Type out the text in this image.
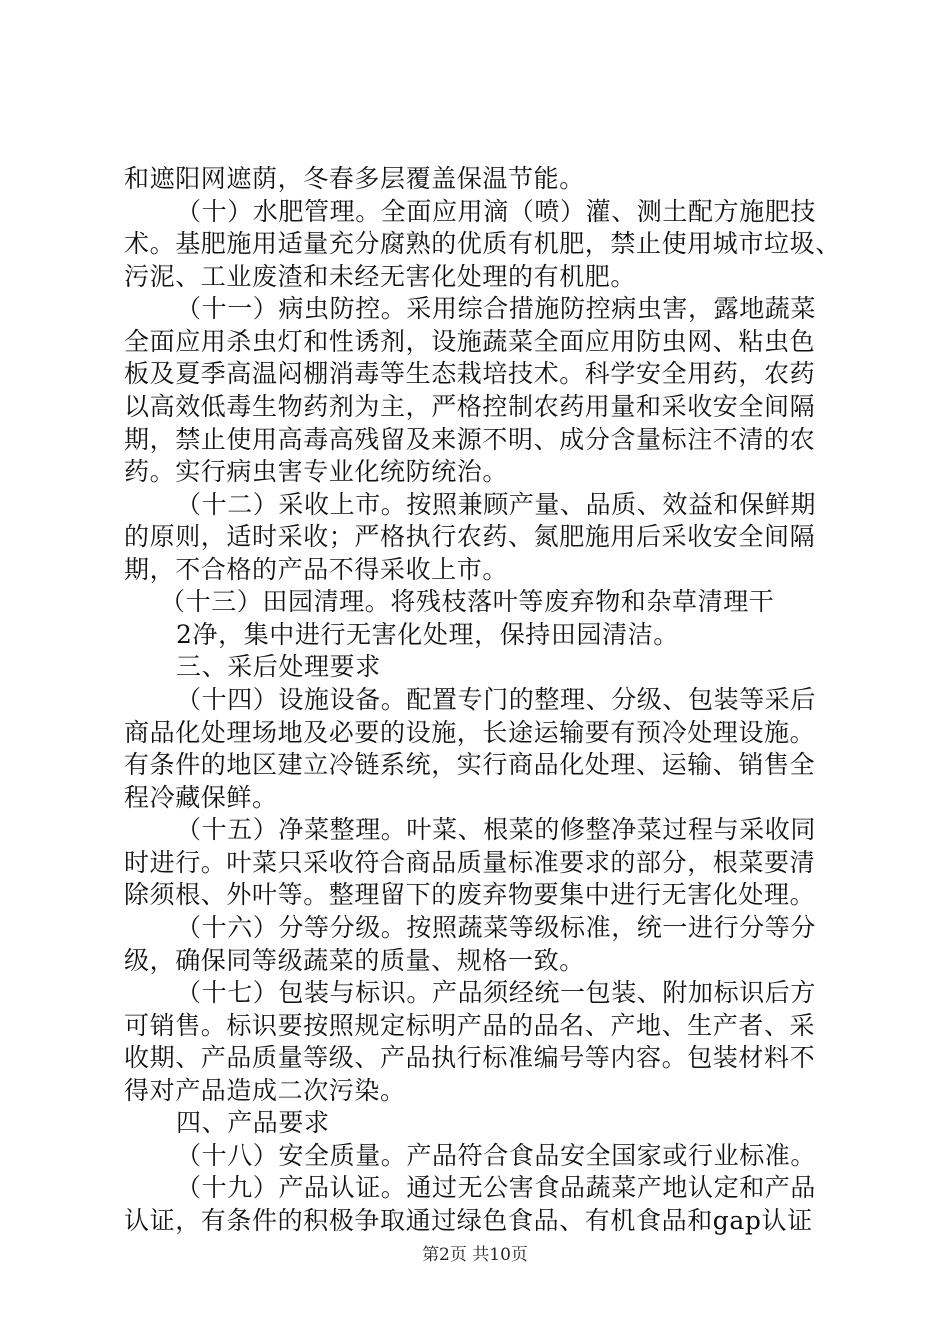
和遮阳网遮荫，冬春多层覆盖保温节能。
（十）水肥管理。全面应用滴（喷）灌、测土配方施肥技
术。基肥施用适量充分腐熟的优质有机肥，禁止使用城市垃圾、
污泥、工业废渣和未经无害化处理的有机肥。
（十一）病虫防控。采用综合措施防控病虫害，露地蔬菜
全面应用杀虫灯和性诱剂，设施蔬菜全面应用防虫网、粘虫色
板及夏季高温闷棚消毒等生态栽培技术。科学安全用药，农药
以高效低毒生物药剂为主，严格控制农药用量和采收安全间隔
期，禁止使用高毒高残留及来源不明、成分含量标注不清的农
药。实行病虫害专业化统防统治。
（十二）采收上市。按照兼顾产量、品质、效益和保鲜期
的原则，适时采收；严格执行农药、氮肥施用后采收安全间隔
期，不合格的产品不得采收上市。
（十三）田园清理。将残枝落叶等废弃物和杂草清理干
2净，集中进行无害化处理，保持田园清洁。
三、采后处理要求
（十四）设施设备。配置专门的整理、分级、包装等采后
商品化处理场地及必要的设施，长途运输要有预冷处理设施。
有条件的地区建立冷链系统，实行商品化处理、运输、销售全
程冷藏保鲜。
（十五）净菜整理。叶菜、根菜的修整净菜过程与采收同
时进行。叶菜只采收符合商品质量标准要求的部分，根菜要清
除须根、外叶等。整理留下的废弃物要集中进行无害化处理。
（十六）分等分级。按照蔬菜等级标准，统一进行分等分
级，确保同等级蔬菜的质量、规格一致。
（十七）包装与标识。产品须经统一包装、附加标识后方
可销售。标识要按照规定标明产品的品名、产地、生产者、采
收期、产品质量等级、产品执行标准编号等内容。包装材料不
得对产品造成二次污染。
四、产品要求
（十八）安全质量。产品符合食品安全国家或行业标准。
（十九）产品认证。通过无公害食品蔬菜产地认定和产品
认证，有条件的积极争取通过绿色食品、有机食品和gap认证
第2页 共10页
